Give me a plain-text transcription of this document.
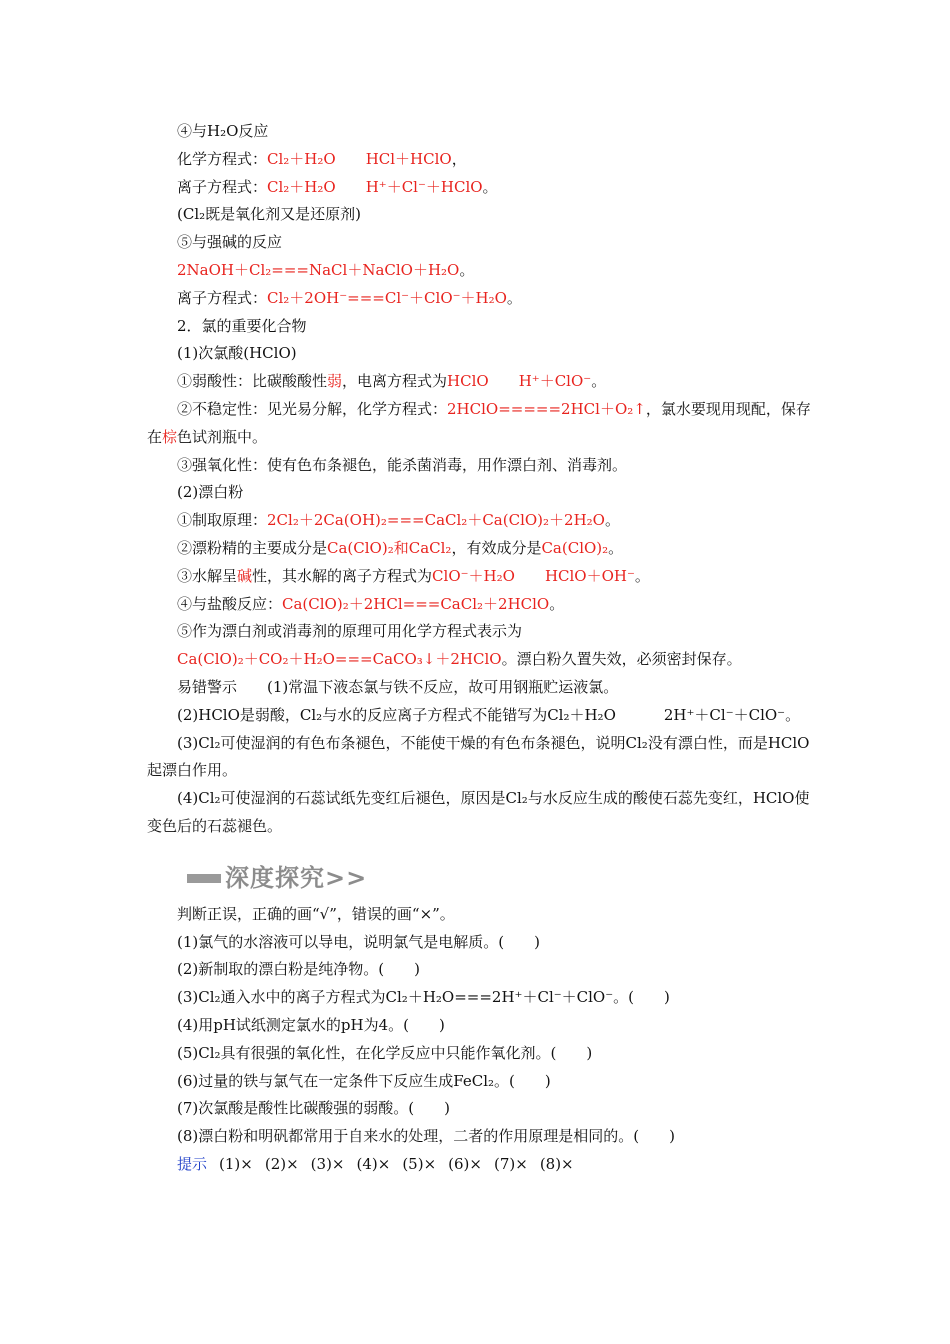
④与H₂O反应
化学方程式：Cl₂＋H₂O HCl＋HClO，
离子方程式：Cl₂＋H₂O H⁺＋Cl⁻＋HClO。
(Cl₂既是氧化剂又是还原剂)
⑤与强碱的反应
2NaOH＋Cl₂===NaCl＋NaClO＋H₂O。
离子方程式：Cl₂＋2OH⁻===Cl⁻＋ClO⁻＋H₂O。
2．氯的重要化合物
(1)次氯酸(HClO)
①弱酸性：比碳酸酸性弱，电离方程式为HClO H⁺＋ClO⁻。
②不稳定性：见光易分解，化学方程式：2HClO=====2HCl＋O₂↑，氯水要现用现配，保存在棕色试剂瓶中。
③强氧化性：使有色布条褪色，能杀菌消毒，用作漂白剂、消毒剂。
(2)漂白粉
①制取原理：2Cl₂＋2Ca(OH)₂===CaCl₂＋Ca(ClO)₂＋2H₂O。
②漂粉精的主要成分是Ca(ClO)₂和CaCl₂，有效成分是Ca(ClO)₂。
③水解呈碱性，其水解的离子方程式为ClO⁻＋H₂O HClO＋OH⁻。
④与盐酸反应：Ca(ClO)₂＋2HCl===CaCl₂＋2HClO。
⑤作为漂白剂或消毒剂的原理可用化学方程式表示为
Ca(ClO)₂＋CO₂＋H₂O===CaCO₃↓＋2HClO。漂白粉久置失效，必须密封保存。
易错警示 (1)常温下液态氯与铁不反应，故可用钢瓶贮运液氯。
(2)HClO是弱酸，Cl₂与水的反应离子方程式不能错写为Cl₂＋H₂O	2H⁺＋Cl⁻＋ClO⁻。
(3)Cl₂可使湿润的有色布条褪色，不能使干燥的有色布条褪色，说明Cl₂没有漂白性，而是HClO起漂白作用。
(4)Cl₂可使湿润的石蕊试纸先变红后褪色，原因是Cl₂与水反应生成的酸使石蕊先变红，HClO使变色后的石蕊褪色。
深度探究>>
判断正误，正确的画“√”，错误的画“×”。
(1)氯气的水溶液可以导电，说明氯气是电解质。(　　)
(2)新制取的漂白粉是纯净物。(　　)
(3)Cl₂通入水中的离子方程式为Cl₂＋H₂O===2H⁺＋Cl⁻＋ClO⁻。(　　)
(4)用pH试纸测定氯水的pH为4。(　　)
(5)Cl₂具有很强的氧化性，在化学反应中只能作氧化剂。(　　)
(6)过量的铁与氯气在一定条件下反应生成FeCl₂。(　　)
(7)次氯酸是酸性比碳酸强的弱酸。(　　)
(8)漂白粉和明矾都常用于自来水的处理，二者的作用原理是相同的。(　　)
提示 (1)× (2)× (3)× (4)× (5)× (6)× (7)× (8)×
